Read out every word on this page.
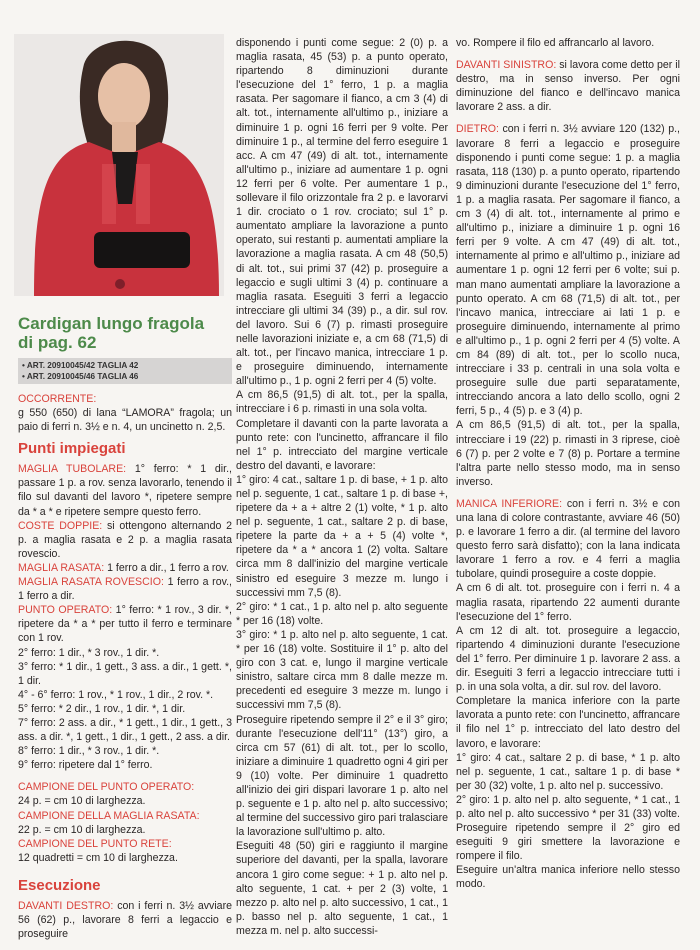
Cardigan lungo fragola

di pag. 62

• ART. 20910045/42 TAGLIA 42
• ART. 20910045/46 TAGLIA 46

OCCORRENTE:
g 550 (650) di lana “LAMORA” fragola; un paio di ferri n. 3½ e n. 4, un uncinetto n. 2,5.

Punti impiegati

MAGLIA TUBOLARE: 1° ferro: * 1 dir., passare 1 p. a rov. senza lavorarlo, tenendo il filo sul davanti del lavoro *, ripetere sempre da * a * e ripetere sempre questo ferro.

COSTE DOPPIE: si ottengono alternando 2 p. a maglia rasata e 2 p. a maglia rasata rovescio.

MAGLIA RASATA: 1 ferro a dir., 1 ferro a rov.

MAGLIA RASATA ROVESCIO: 1 ferro a rov., 1 ferro a dir.

PUNTO OPERATO: 1° ferro: * 1 rov., 3 dir. *, ripetere da * a * per tutto il ferro e terminare con 1 rov.

2° ferro: 1 dir., * 3 rov., 1 dir. *.

3° ferro: * 1 dir., 1 gett., 3 ass. a dir., 1 gett. *, 1 dir.

4° - 6° ferro: 1 rov., * 1 rov., 1 dir., 2 rov. *.

5° ferro: * 2 dir., 1 rov., 1 dir. *, 1 dir.

7° ferro: 2 ass. a dir., * 1 gett., 1 dir., 1 gett., 3 ass. a dir. *, 1 gett., 1 dir., 1 gett., 2 ass. a dir.

8° ferro: 1 dir., * 3 rov., 1 dir. *.

9° ferro: ripetere dal 1° ferro.

CAMPIONE DEL PUNTO OPERATO:
24 p. = cm 10 di larghezza.

CAMPIONE DELLA MAGLIA RASATA:
22 p. = cm 10 di larghezza.

CAMPIONE DEL PUNTO RETE:
12 quadretti = cm 10 di larghezza.

Esecuzione

DAVANTI DESTRO: con i ferri n. 3½ avviare 56 (62) p., lavorare 8 ferri a legaccio e proseguire

disponendo i punti come segue: 2 (0) p. a maglia rasata, 45 (53) p. a punto operato, ripartendo 8 diminuzioni durante l'esecuzione del 1° ferro, 1 p. a maglia rasata. Per sagomare il fianco, a cm 3 (4) di alt. tot., internamente all'ultimo p., iniziare a diminuire 1 p. ogni 16 ferri per 9 volte. Per diminuire 1 p., al termine del ferro eseguire 1 acc. A cm 47 (49) di alt. tot., internamente all'ultimo p., iniziare ad aumentare 1 p. ogni 12 ferri per 6 volte. Per aumentare 1 p., sollevare il filo orizzontale fra 2 p. e lavorarvi 1 dir. crociato o 1 rov. crociato; sul 1° p. aumentato ampliare la lavorazione a punto operato, sui restanti p. aumentati ampliare la lavorazione a maglia rasata. A cm 48 (50,5) di alt. tot., sui primi 37 (42) p. proseguire a legaccio e sugli ultimi 3 (4) p. continuare a maglia rasata. Eseguiti 3 ferri a legaccio intrecciare gli ultimi 34 (39) p., a dir. sul rov. del lavoro. Sui 6 (7) p. rimasti proseguire nelle lavorazioni iniziate e, a cm 68 (71,5) di alt. tot., per l'incavo manica, intrecciare 1 p. e proseguire diminuendo, internamente all'ultimo p., 1 p. ogni 2 ferri per 4 (5) volte.

A cm 86,5 (91,5) di alt. tot., per la spalla, intrecciare i 6 p. rimasti in una sola volta.

Completare il davanti con la parte lavorata a punto rete: con l'uncinetto, affrancare il filo nel 1° p. intrecciato del margine verticale destro del davanti, e lavorare:

1° giro: 4 cat., saltare 1 p. di base, + 1 p. alto nel p. seguente, 1 cat., saltare 1 p. di base +, ripetere da + a + altre 2 (1) volte, * 1 p. alto nel p. seguente, 1 cat., saltare 2 p. di base, ripetere la parte da + a + 5 (4) volte *, ripetere da * a * ancora 1 (2) volta. Saltare circa mm 8 dall'inizio del margine verticale sinistro ed eseguire 3 mezze m. lungo i successivi mm 7,5 (8).

2° giro: * 1 cat., 1 p. alto nel p. alto seguente * per 16 (18) volte.

3° giro: * 1 p. alto nel p. alto seguente, 1 cat. * per 16 (18) volte. Sostituire il 1° p. alto del giro con 3 cat. e, lungo il margine verticale sinistro, saltare circa mm 8 dalle mezze m. precedenti ed eseguire 3 mezze m. lungo i successivi mm 7,5 (8).

Proseguire ripetendo sempre il 2° e il 3° giro; durante l'esecuzione dell'11° (13°) giro, a circa cm 57 (61) di alt. tot., per lo scollo, iniziare a diminuire 1 quadretto ogni 4 giri per 9 (10) volte. Per diminuire 1 quadretto all'inizio dei giri dispari lavorare 1 p. alto nel p. seguente e 1 p. alto nel p. alto successivo; al termine del successivo giro pari tralasciare la lavorazione sull'ultimo p. alto.

Eseguiti 48 (50) giri e raggiunto il margine superiore del davanti, per la spalla, lavorare ancora 1 giro come segue: + 1 p. alto nel p. alto seguente, 1 cat. + per 2 (3) volte, 1 mezzo p. alto nel p. alto successivo, 1 cat., 1 p. basso nel p. alto seguente, 1 cat., 1 mezza m. nel p. alto successi-

vo. Rompere il filo ed affrancarlo al lavoro.

DAVANTI SINISTRO: si lavora come detto per il destro, ma in senso inverso. Per ogni diminuzione del fianco e dell'incavo manica lavorare 2 ass. a dir.

DIETRO: con i ferri n. 3½ avviare 120 (132) p., lavorare 8 ferri a legaccio e proseguire disponendo i punti come segue: 1 p. a maglia rasata, 118 (130) p. a punto operato, ripartendo 9 diminuzioni durante l'esecuzione del 1° ferro, 1 p. a maglia rasata. Per sagomare il fianco, a cm 3 (4) di alt. tot., internamente al primo e all'ultimo p., iniziare a diminuire 1 p. ogni 16 ferri per 9 volte. A cm 47 (49) di alt. tot., internamente al primo e all'ultimo p., iniziare ad aumentare 1 p. ogni 12 ferri per 6 volte; sui p. man mano aumentati ampliare la lavorazione a punto operato. A cm 68 (71,5) di alt. tot., per l'incavo manica, intrecciare ai lati 1 p. e proseguire diminuendo, internamente al primo e all'ultimo p., 1 p. ogni 2 ferri per 4 (5) volte. A cm 84 (89) di alt. tot., per lo scollo nuca, intrecciare i 33 p. centrali in una sola volta e proseguire sulle due parti separatamente, intrecciando ancora a lato dello scollo, ogni 2 ferri, 5 p., 4 (5) p. e 3 (4) p.

A cm 86,5 (91,5) di alt. tot., per la spalla, intrecciare i 19 (22) p. rimasti in 3 riprese, cioè 6 (7) p. per 2 volte e 7 (8) p. Portare a termine l'altra parte nello stesso modo, ma in senso inverso.

MANICA INFERIORE: con i ferri n. 3½ e con una lana di colore contrastante, avviare 46 (50) p. e lavorare 1 ferro a dir. (al termine del lavoro questo ferro sarà disfatto); con la lana indicata lavorare 1 ferro a rov. e 4 ferri a maglia tubolare, quindi proseguire a coste doppie.

A cm 6 di alt. tot. proseguire con i ferri n. 4 a maglia rasata, ripartendo 22 aumenti durante l'esecuzione del 1° ferro.

A cm 12 di alt. tot. proseguire a legaccio, ripartendo 4 diminuzioni durante l'esecuzione del 1° ferro. Per diminuire 1 p. lavorare 2 ass. a dir. Eseguiti 3 ferri a legaccio intrecciare tutti i p. in una sola volta, a dir. sul rov. del lavoro.

Completare la manica inferiore con la parte lavorata a punto rete: con l'uncinetto, affrancare il filo nel 1° p. intrecciato del lato destro del lavoro, e lavorare:

1° giro: 4 cat., saltare 2 p. di base, * 1 p. alto nel p. seguente, 1 cat., saltare 1 p. di base * per 30 (32) volte, 1 p. alto nel p. successivo.

2° giro: 1 p. alto nel p. alto seguente, * 1 cat., 1 p. alto nel p. alto successivo * per 31 (33) volte. Proseguire ripetendo sempre il 2° giro ed eseguiti 9 giri smettere la lavorazione e rompere il filo.

Eseguire un'altra manica inferiore nello stesso modo.
